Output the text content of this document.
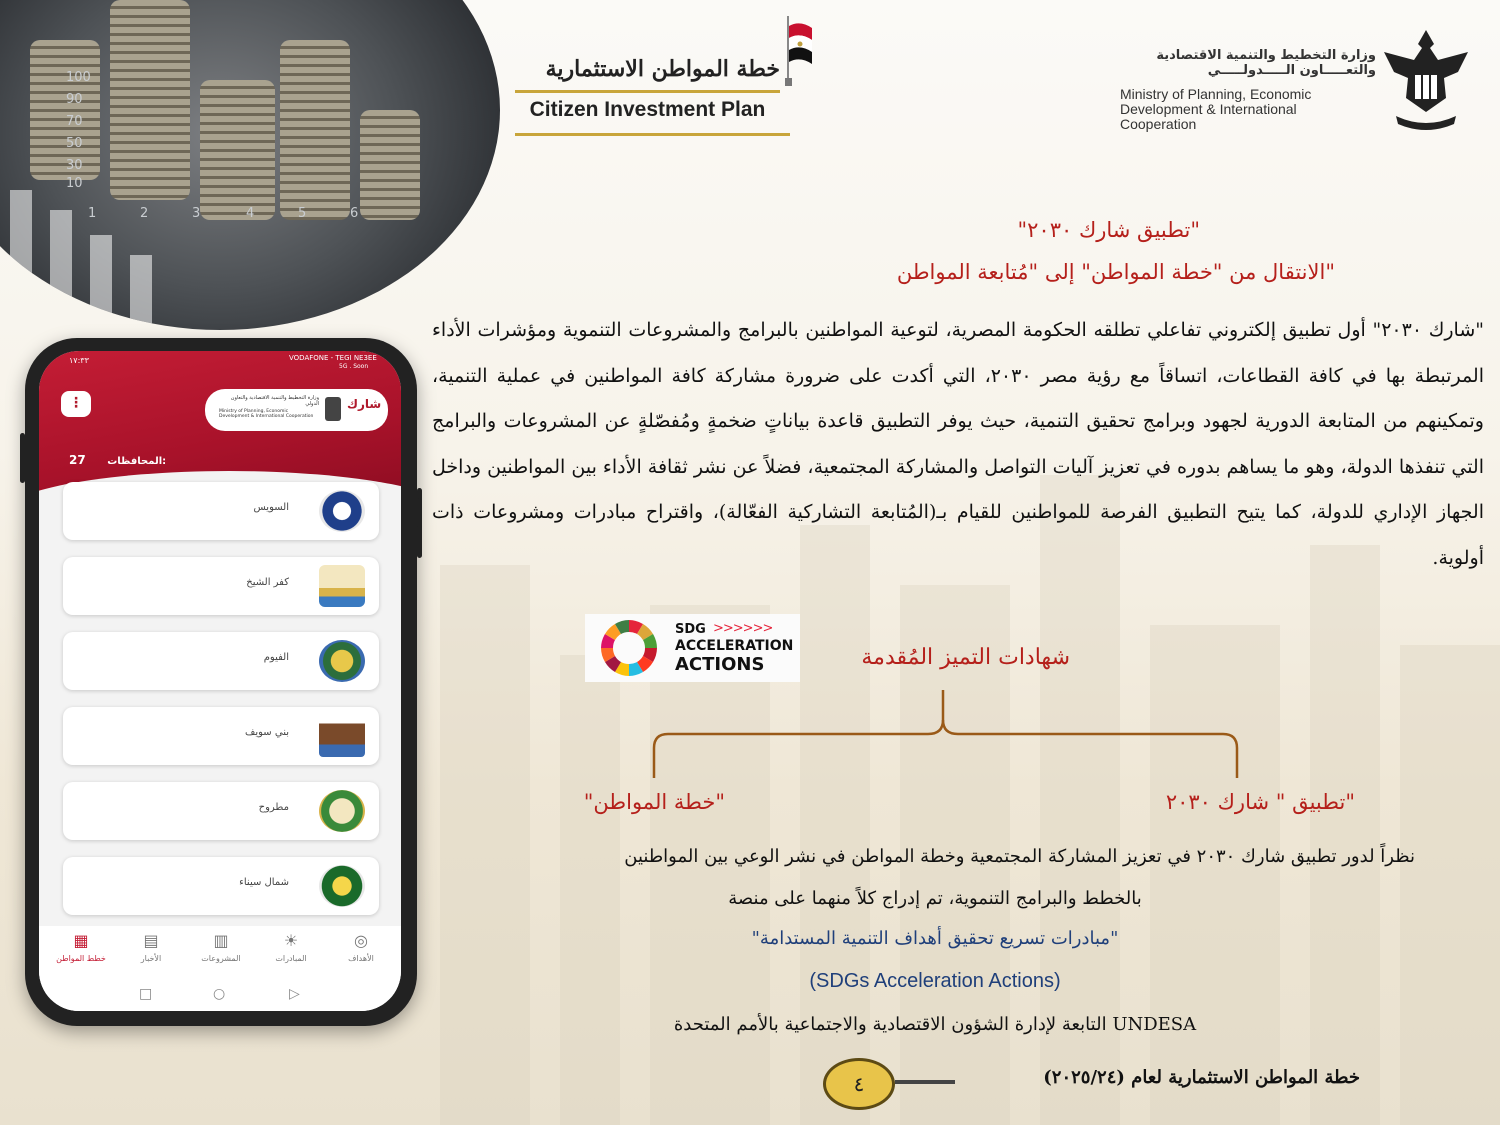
100
90
70
50
30
10
1	2	3	4	5	6
خطة المواطن الاستثمارية
Citizen Investment Plan
وزارة التخطيط والتنمية الاقتصادية
والتعـــــاون الـــــدولـــــي
Ministry of Planning, Economic
Development & International
Cooperation
"تطبيق شارك ٢٠٣٠"
الانتقال من "خطة المواطن" إلى "مُتابعة المواطن"
"شارك ٢٠٣٠" أول تطبيق إلكتروني تفاعلي تطلقه الحكومة المصرية، لتوعية المواطنين بالبرامج والمشروعات التنموية ومؤشرات الأداء المرتبطة بها في كافة القطاعات، اتساقاً مع رؤية مصر ٢٠٣٠، التي أكدت على ضرورة مشاركة كافة المواطنين في عملية التنمية، وتمكينهم من المتابعة الدورية لجهود وبرامج تحقيق التنمية، حيث يوفر التطبيق قاعدة بياناتٍ ضخمةٍ ومُفصّلةٍ عن المشروعات والبرامج التي تنفذها الدولة، وهو ما يساهم بدوره في تعزيز آليات التواصل والمشاركة المجتمعية، فضلاً عن نشر ثقافة الأداء بين المواطنين وداخل الجهاز الإداري للدولة، كما يتيح التطبيق الفرصة للمواطنين للقيام بـ(المُتابعة التشاركية الفعّالة)، واقتراح مبادرات ومشروعات ذات أولوية.
SDG >>>>>>
ACCELERATION
ACTIONS	شهادات التميز المُقدمة
"خطة المواطن"	تطبيق " شارك ٢٠٣٠"
نظراً لدور تطبيق شارك ٢٠٣٠ في تعزيز المشاركة المجتمعية وخطة المواطن في نشر الوعي بين المواطنين
بالخطط والبرامج التنموية، تم إدراج كلاً منهما على منصة
"مبادرات تسريع تحقيق أهداف التنمية المستدامة"
(SDGs Acceleration Actions)
التابعة لإدارة الشؤون الاقتصادية والاجتماعية بالأمم المتحدة UNDESA
٤	خطة المواطن الاستثمارية لعام (٢٠٢٥/٢٤)
١٧:٣٣	VODAFONE - TEGI NE3EE
5G . Soon
⋮	وزارة التخطيط والتنمية الاقتصادية والتعاون الدولي
Ministry of Planning, Economic Development & International Cooperation
شارك
27 المحافظات:
السويس
كفر الشيخ
الفيوم
بني سويف
مطروح
شمال سيناء
▦
خطط المواطن
▤
الأخبار
▥
المشروعات
☀
المبادرات
◎
الأهداف
□	○	▷
